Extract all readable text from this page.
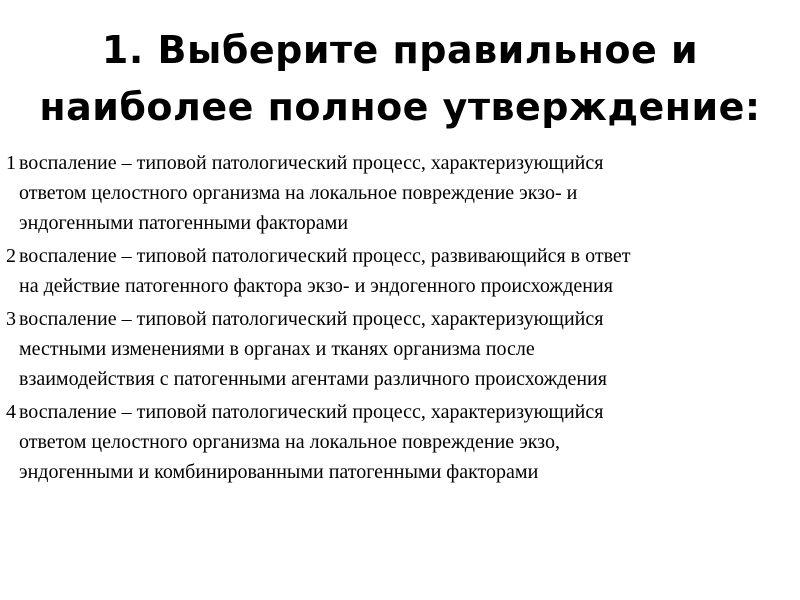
1. Выберите правильное и
наиболее полное утверждение:
1 воспаление – типовой патологический процесс, характеризующийся
ответом целостного организма на локальное повреждение экзо- и
эндогенными патогенными факторами
2 воспаление – типовой патологический процесс, развивающийся в ответ
на действие патогенного фактора экзо- и эндогенного происхождения
3 воспаление – типовой патологический процесс, характеризующийся
местными изменениями в органах и тканях организма после
взаимодействия с патогенными агентами различного происхождения
4 воспаление – типовой патологический процесс, характеризующийся
ответом целостного организма на локальное повреждение экзо,
эндогенными и комбинированными патогенными факторами
